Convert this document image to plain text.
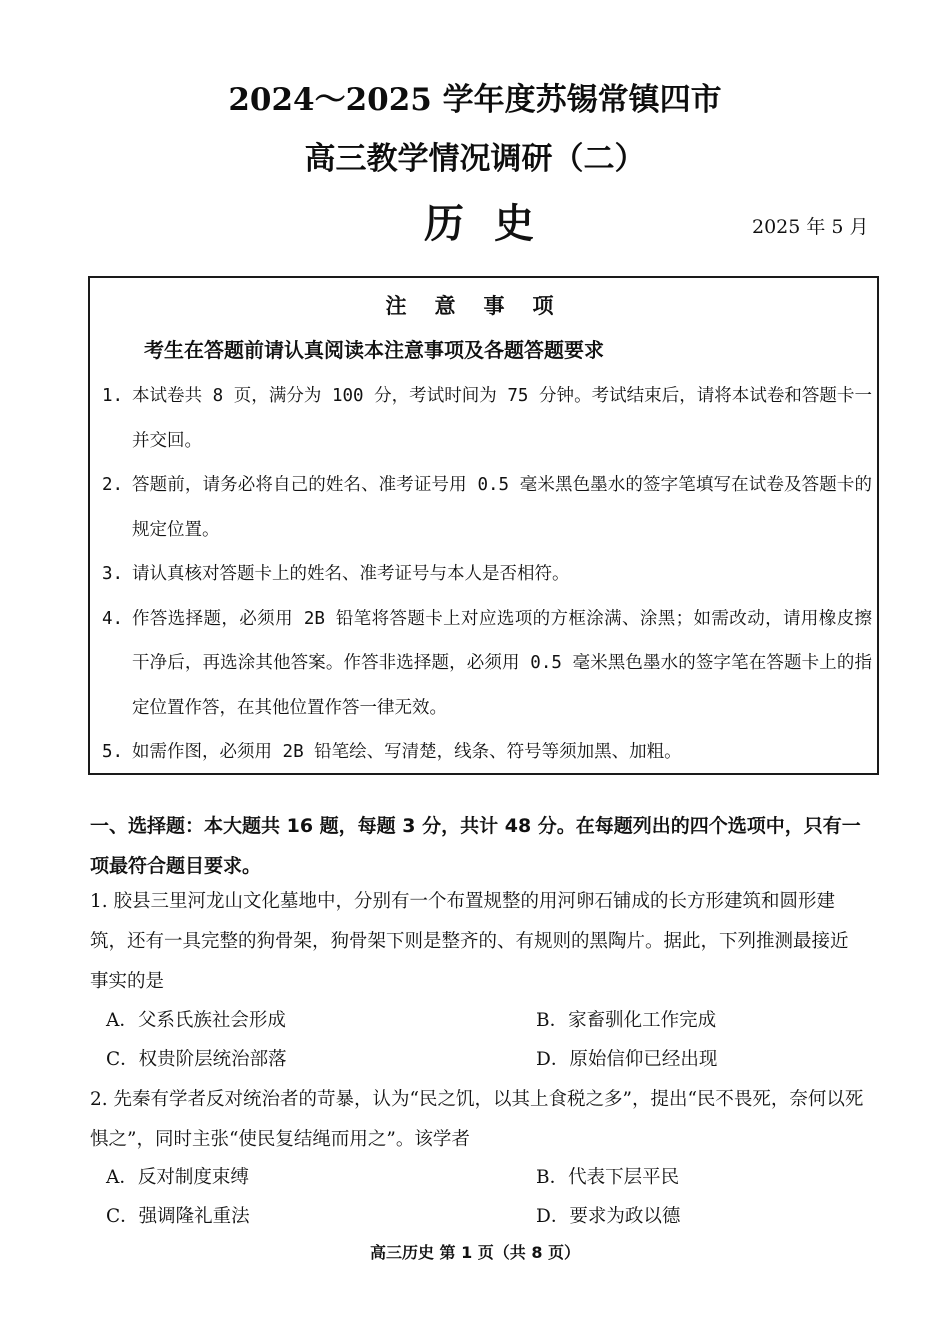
2024～2025 学年度苏锡常镇四市
高三教学情况调研（二）
历史	2025 年 5 月
注意事项
考生在答题前请认真阅读本注意事项及各题答题要求
1. 本试卷共 8 页，满分为 100 分，考试时间为 75 分钟。考试结束后，请将本试卷和答题卡一并交回。
2. 答题前，请务必将自己的姓名、准考证号用 0.5 毫米黑色墨水的签字笔填写在试卷及答题卡的规定位置。
3. 请认真核对答题卡上的姓名、准考证号与本人是否相符。
4. 作答选择题，必须用 2B 铅笔将答题卡上对应选项的方框涂满、涂黑；如需改动，请用橡皮擦干净后，再选涂其他答案。作答非选择题，必须用 0.5 毫米黑色墨水的签字笔在答题卡上的指定位置作答，在其他位置作答一律无效。
5. 如需作图，必须用 2B 铅笔绘、写清楚，线条、符号等须加黑、加粗。
一、选择题：本大题共 16 题，每题 3 分，共计 48 分。在每题列出的四个选项中，只有一项最符合题目要求。
1. 胶县三里河龙山文化墓地中，分别有一个布置规整的用河卵石铺成的长方形建筑和圆形建筑，还有一具完整的狗骨架，狗骨架下则是整齐的、有规则的黑陶片。据此，下列推测最接近事实的是
A．父系氏族社会形成	B．家畜驯化工作完成
C．权贵阶层统治部落	D．原始信仰已经出现
2. 先秦有学者反对统治者的苛暴，认为“民之饥，以其上食税之多”，提出“民不畏死，奈何以死惧之”，同时主张“使民复结绳而用之”。该学者
A．反对制度束缚	B．代表下层平民
C．强调隆礼重法	D．要求为政以德
高三历史 第 1 页（共 8 页）
